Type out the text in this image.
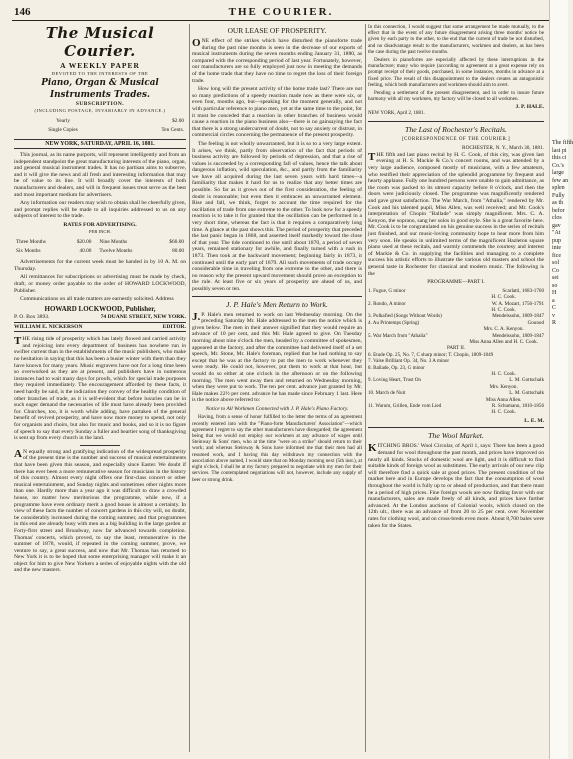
146	THE COURIER.
The Musical Courier.
A WEEKLY PAPER
DEVOTED TO THE INTERESTS OF THE
Piano, Organ & Musical Instruments Trades.
SUBSCRIPTION.
(INCLUDING POSTAGE, INVARIABLY IN ADVANCE.)
Yearly	$2.00
Single Copies	Ten Cents.
NEW YORK, SATURDAY, APRIL 16, 1881.

This journal, as its name purports, will represent intelligently and from an independent standpoint the great manufacturing interests of the piano, organ, and general musical instrument trades. It has no partisan aims to subserve, and it will give the news and all fresh and interesting information that may be of value to its line. It will broadly cover the interests of both manufacturers and dealers, and will in frequent issues treat serve as the best and most important medium for advertisers.

Any information our readers may wish to obtain shall be cheerfully given, and prompt replies will be made to all inquiries addressed to us on any subjects of interest to the trade.

RATES FOR ADVERTISING.
PER INCH.
Three Months	$20.00	Nine Months	$60.00
Six Months	40.00	Twelve Months	80.00

Advertisements for the current week must be handed in by 10 A. M. on Thursday.

All remittances for subscriptions or advertising must be made by check, draft, or money order payable to the order of HOWARD LOCKWOOD, Publisher.

Communications on all trade matters are earnestly solicited. Address

HOWARD LOCKWOOD, Publisher,
P. O. Box 3893.	74 DUANE STREET, NEW YORK.
WILLIAM E. NICKERSON	EDITOR.

THE rising tide of prosperity which has lately flowed and carried activity and rejoicing into every department of business has nowhere run in swifter current than in the establishments of the music publishers, who make no hesitation in saying that this has been a busier winter with them than they have known for many years. Music engravers have not for a long time been so overworked as they are at present, and publishers have in numerous instances had to wait many days for proofs, which for special trade purposes they required immediately. The encouragement afforded by these facts, it need hardly be said, is the indication they convey of the healthy condition of other branches of trade, as it is self-evident that before luxuries can be in such eager demand the necessaries of life must have already been provided for. Churches, too, it is worth while adding, have partaken of the general benefit of revived prosperity, and have now more money to spend, not only for organists and choirs, but also for music and books, and so it is no figure of speech to say that every Sunday a fuller and heartier song of thanksgiving is sent up from every church in the land.

AN equally strong and gratifying indication of the widespread prosperity of the present time is the number and success of musical entertainments that have been given this season, and especially since Easter. We doubt if there has ever been a more remunerative season for musicians in the history of this country. Almost every night offers one first-class concert or other musical entertainment, and Sunday nights and sometimes other nights more than one. Hardly more than a year ago it was difficult to draw a crowded house, no matter how meritorious the programme, while now, if a programme have even ordinary merit a good house is almost a certainty. In view of these facts the number of concert gardens in this city will, no doubt, be considerably increased during the coming summer, and that programmes in this end are already busy with men as a big building in the large garden at Forty-first street and Broadway, now far advanced towards completion. Thomas' concerts, which proved, to say the least, remunerative in the summer of 1878, would, if repeated in the coming summer, prove, we venture to say, a great success, and now that Mr. Thomas has returned to New York it is to be hoped that some enterprising manager will make it an object for him to give New Yorkers a series of enjoyable nights with the old and the new masters.

OUR LEASE OF PROSPERITY.

ONE effect of the strikes which have disturbed the pianoforte trade during the past nine months is seen in the decrease of our exports of musical instruments during the seven months ending January 31, 1880, as compared with the corresponding period of last year. Fortunately, however, our manufacturers are so fully employed just now in meeting the demands of the home trade that they have no time to regret the loss of their foreign trade.

How long will the present activity of the home trade last? There are not so many predictions of a speedy reaction made now as there were six, or even four, months ago, but—speaking for the moment generally, and not with particular reference to piano men, yet at the same time to the point, for it must be conceded that a reaction in other branches of business would cause a reaction in the piano business also—there is no gainsaying the fact that there is a strong undercurrent of doubt, not to say anxiety or distrust, in commercial circles concerning the permanence of the present prosperity.

The feeling is not wholly unwarranted, but it is so to a very large extent. It arises, we think, partly from observation of the fact that periods of business activity are followed by periods of depression, and that a rise of values is succeeded by a corresponding fall of values, hence the talk about dangerous inflation, wild speculation, &c., and partly from the familiarity we have all acquired during the last seven years with hard times—a familiarity that makes it hard for us to realize that any better times are possible. So far as it grows out of the first consideration, the feeling of doubt is reasonable; but even then it embraces an unwarranted element. Rise and fall, we think, forget to account the time required for the oscillation of trade from one extreme to the other. To look now for a speedy reaction is to take it for granted that the oscillation can be performed in a very short time, whereas the fact is that it requires a comparatively long time. A glance at the past shows this. The period of prosperity that preceded the last panic began in 1868, and asserted itself markedly toward the close of that year. The tide continued to rise until about 1870, a period of seven years, remained stationary for awhile, and finally turned with a rush in 1873. Then took at the backward movement; beginning fairly in 1873, it continued until the early part of 1879. All such movements of trade occupy considerable time in traveling from one extreme to the other, and there is no reason why the present upward movement should prove an exception to the rule. At least five or six years of prosperity are ahead of us, and possibly seven or ten.

J. P. Hale's Men Return to Work.

J.P. Hale's men returned to work on last Wednesday morning. On the preceding Saturday Mr. Hale addressed to the men the notice which is given below. The men in their answer signified that they would require an advance of 10 per cent, and this Mr. Hale agreed to give. On Tuesday morning about nine o'clock the men, headed by a committee of spokesmen, appeared at the factory, and after the committee had delivered itself of a set speech, Mr. Stone, Mr. Hale's foreman, replied that he had nothing to say except that he was at the factory to put the men to work whenever they were ready. He could not, however, put them to work at that hour, but would do so either at one o'clock in the afternoon or on the following morning. The men went away then and returned on Wednesday morning, when they were put to work. The ten per cent. advance just granted by Mr. Hale makes 22½ per cent. advance he has made since February 1 last. Here is the notice above referred to:

Notice to All Workmen Connected with J. P. Hale's Piano Factory.

Having, from a sense of honor fulfilled to the letter the terms of an agreement recently entered into with the "Piano-forte Manufacturers' Association"—which agreement I regret to say the other manufacturers have disregarded; the agreement being that we would not employ our workmen at any advance of wages until Steinway & Sons' men, who at the time "were on a strike" should return to their work; and whereas Steinway & Sons have informed me that their men had all resumed work, and I having this day withdrawn my connection with the association above named, I would state that on Monday morning next (5th inst.), at eight o'clock, I shall be at my factory prepared to negotiate with my men for their services. The contemplated negotiations will not, however, include any supply of beer or strong drink.

In this connection, I would suggest that some arrangement be made mutually, to the effect that in the event of any future disagreement arising three months' notice be given by each party to the other, to the end that the current of trade be not disturbed, and no disadvantage result to the manufacturers, workmen and dealers, as has been the case during the past twelve months.

Dealers in pianofortes are especially affected by these interruptions in the manufacture; many who require (according to agreement at a great expense rely on prompt receipt of their goods, purchased, in some instances, months in advance at a fixed price. The result of this disappointment to the dealers creates an antagonistic feeling, which both manufacturers and workmen should aim to avert.

Pending a settlement of the present disagreement, and in order to insure future harmony with all my workmen, my factory will be closed to all workmen.

J. P. HALE.
NEW YORK, April 2, 1881.
The Last of Rochester's Recitals.
[CORRESPONDENCE OF THE COURIER.]
ROCHESTER, N. Y., March 30, 1881.

THE fifth and last piano recital by H. C. Cook, of this city, was given last evening at H. S. Mackie & Co.'s concert rooms, and was attended by a very large audience, composed mostly of musicians, with a few amateurs, who testified their appreciation of the splendid programme by frequent and hearty applause. Fully one hundred persons were unable to gain admittance, as the room was packed to its utmost capacity before 8 o'clock, and then the doors were judiciously closed. The programme was magnificently rendered and gave great satisfaction. The War March, from "Athalia," rendered by Mr. Cook and his talented pupil, Miss Allen, was well received; and Mr. Cook's interpretation of Chopin "Ballade" was simply magnificent. Mrs. C. A. Kenyon, the soprano, sang her solos in good style. She is a great favorite here. Mr. Cook is to be congratulated on his genuine success in the series of recitals just finished, and our music-loving community hope to hear more from him very soon. He speaks in unlimited terms of the magnificent Hazleton square piano used at these recitals, and warmly commends the courtesy and interest of Mackie & Co. in supplying the facilities and managing to a complete success his artistic efforts to illustrate the various old masters and school the general taste in Rochester for classical and modern music. The following is the

PROGRAMME—PART I.
1. Fugue, G minor	Scarlatti, 1683-1760
	H. C. Cook.
2. Rondo, A minor	W. A. Mozart, 1756-1791
	H. C. Cook.
3. Polkafied (Songs Without Words)	Mendelssohn, 1809-1847
4. Au Printemps (Spring)	Gounod
	Mrs. C. A. Kenyon.
5. War March from "Athalia"	Mendelssohn, 1809-1847
	Miss Anna Allen and H. C. Cook.
PART II.	
6. Etude Op. 25, No. 7, C sharp minor; T. Chopin, 1809-1849	
7. Valse Brilliant Op. 34, No. 3 A minor	
8. Ballade, Op. 23, G minor	
	H. C. Cook.
9. Loving Heart, Trust On	L. M. Gottschalk
	Mrs. Kenyon.
10. March de Nuit	L. M. Gottschalk
	Miss Anna Allen.
11. Warum, Grillen, Ende vom Lied	R. Schumann, 1810-1856
	H. C. Cook.
L. E. M.
The Wool Market.

KITCHING BROS.' Wool Circular, of April 1, says: There has been a good demand for wool throughout the past month, and prices have improved on nearly all kinds. Stocks of domestic wool are light, and it is difficult to find suitable kinds of foreign wool as substitutes. The early arrivals of our new clip will therefore find a quick sale at good prices. The present condition of the market here and in Europe develops the fact that the consumption of wool throughout the world is fully up to or ahead of production, and that there must be a period of high prices. Fine foreign wools are now finding favor with our manufacturers, sales are made freely of all kinds, and prices have further advanced. At the London auctions of Colonial wools, which closed on the 12th ult., there was an advance of from 20 to 25 per cent. over November rates for clothing wool, and on cross-breds even more. About 8,700 bales were taken for the States.

The fifth
last pi
this ci
Co.'s
large
few an
splen
Fully
as th
befor
clos
gav
"At
pup
inte
fice
sol
Co
sei
so
H
a
C
v
R
